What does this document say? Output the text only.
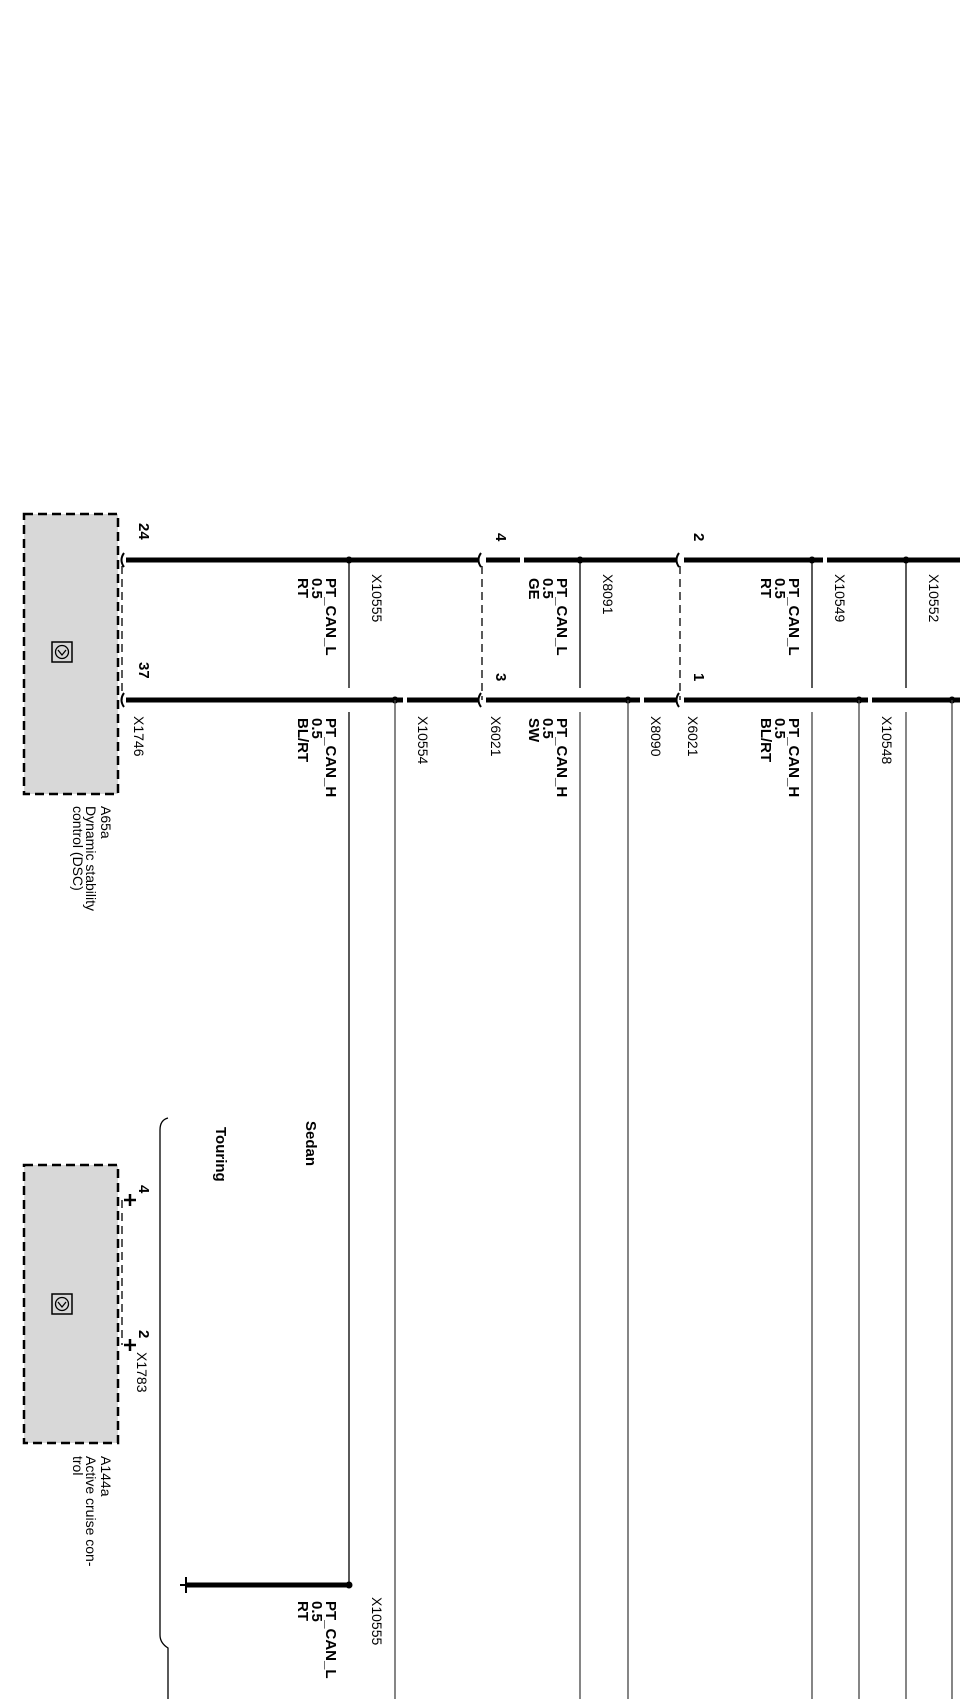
24
37
X1746
A65a
Dynamic stability
control (DSC)
4
2
X1783
A144a
Active cruise con-
trol
4
3
2
1
X6021	X6021
X10552
X10549
X8091
X10555
X10548
X8090
X10554
PT_CAN_L
0.5
RT
PT_CAN_L
0.5
GE
PT_CAN_L
0.5
RT
PT_CAN_H
0.5
BL/RT
PT_CAN_H
0.5
SW
PT_CAN_H
0.5
BL/RT
Sedan
Touring
X10555
PT_CAN_L
0.5
RT
